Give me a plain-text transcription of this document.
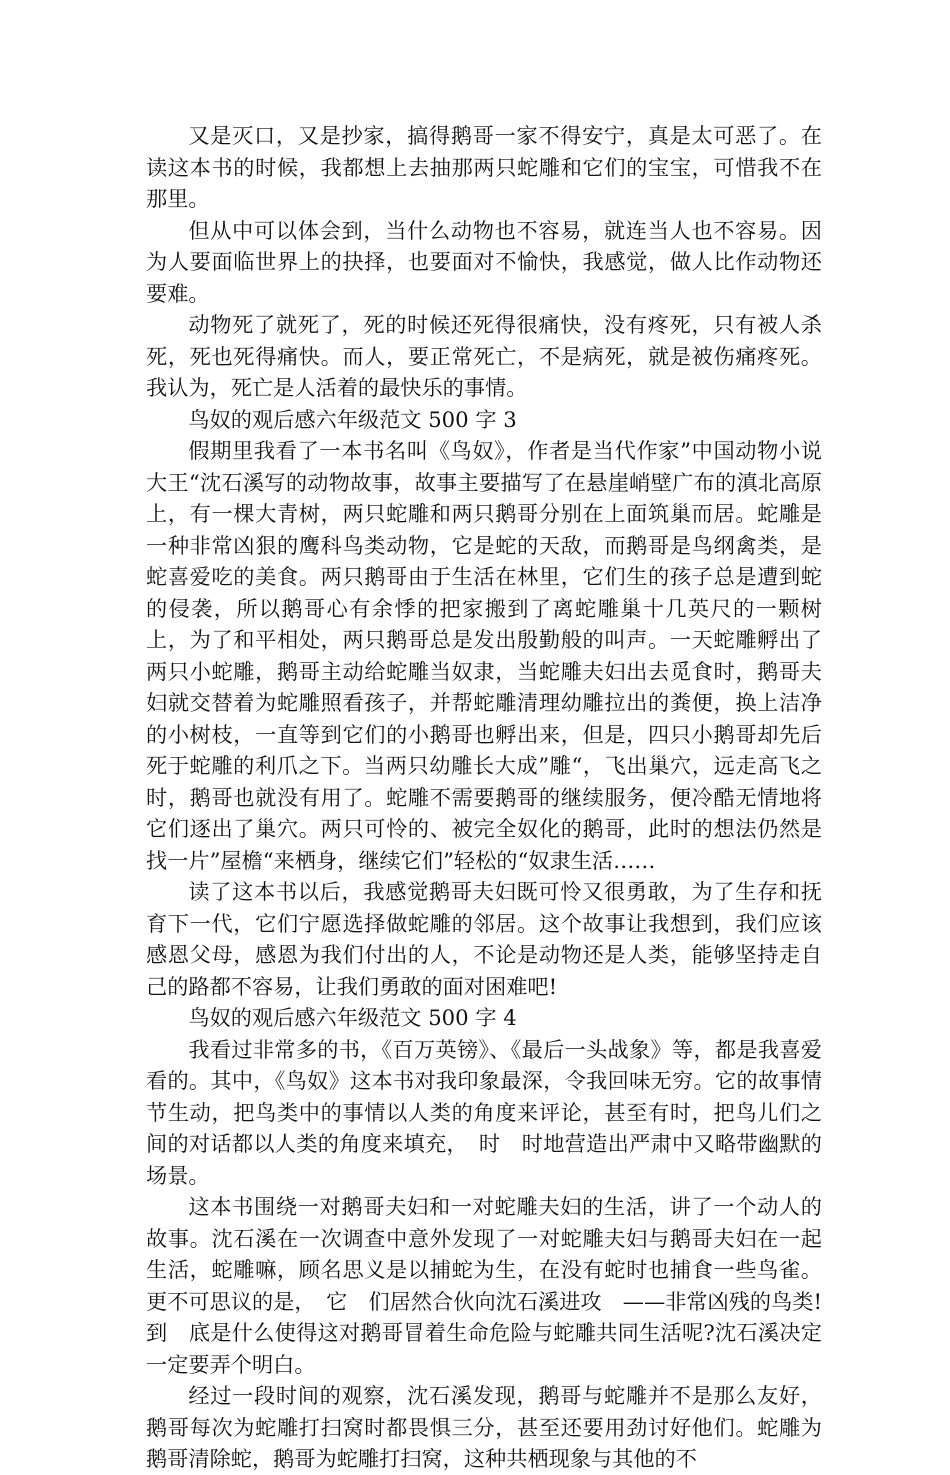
又是灭口，又是抄家，搞得鹅哥一家不得安宁，真是太可恶了。在读这本书的时候，我都想上去抽那两只蛇雕和它们的宝宝，可惜我不在那里。

但从中可以体会到，当什么动物也不容易，就连当人也不容易。因为人要面临世界上的抉择，也要面对不愉快，我感觉，做人比作动物还要难。

动物死了就死了，死的时候还死得很痛快，没有疼死，只有被人杀死，死也死得痛快。而人，要正常死亡，不是病死，就是被伤痛疼死。我认为，死亡是人活着的最快乐的事情。

鸟奴的观后感六年级范文 500 字 3

假期里我看了一本书名叫《鸟奴》，作者是当代作家”中国动物小说大王“沈石溪写的动物故事，故事主要描写了在悬崖峭壁广布的滇北高原上，有一棵大青树，两只蛇雕和两只鹅哥分别在上面筑巢而居。蛇雕是一种非常凶狠的鹰科鸟类动物，它是蛇的天敌，而鹅哥是鸟纲禽类，是蛇喜爱吃的美食。两只鹅哥由于生活在林里，它们生的孩子总是遭到蛇的侵袭，所以鹅哥心有余悸的把家搬到了离蛇雕巢十几英尺的一颗树上，为了和平相处，两只鹅哥总是发出殷勤般的叫声。一天蛇雕孵出了两只小蛇雕，鹅哥主动给蛇雕当奴隶，当蛇雕夫妇出去觅食时，鹅哥夫妇就交替着为蛇雕照看孩子，并帮蛇雕清理幼雕拉出的粪便，换上洁净的小树枝，一直等到它们的小鹅哥也孵出来，但是，四只小鹅哥却先后死于蛇雕的利爪之下。当两只幼雕长大成”雕“，飞出巢穴，远走高飞之时，鹅哥也就没有用了。蛇雕不需要鹅哥的继续服务，便冷酷无情地将它们逐出了巢穴。两只可怜的、被完全奴化的鹅哥，此时的想法仍然是找一片”屋檐“来栖身，继续它们”轻松的“奴隶生活……

读了这本书以后，我感觉鹅哥夫妇既可怜又很勇敢，为了生存和抚育下一代，它们宁愿选择做蛇雕的邻居。这个故事让我想到，我们应该感恩父母，感恩为我们付出的人，不论是动物还是人类，能够坚持走自己的路都不容易，让我们勇敢的面对困难吧!

鸟奴的观后感六年级范文 500 字 4

我看过非常多的书，《百万英镑》、《最后一头战象》等，都是我喜爱看的。其中，《鸟奴》这本书对我印象最深，令我回味无穷。它的故事情节生动，把鸟类中的事情以人类的角度来评论，甚至有时，把鸟儿们之间的对话都以人类的角度来填充，　时　时地营造出严肃中又略带幽默的场景。

这本书围绕一对鹅哥夫妇和一对蛇雕夫妇的生活，讲了一个动人的故事。沈石溪在一次调查中意外发现了一对蛇雕夫妇与鹅哥夫妇在一起生活，蛇雕嘛，顾名思义是以捕蛇为生，在没有蛇时也捕食一些鸟雀。更不可思议的是，　它　们居然合伙向沈石溪进攻　——非常凶残的鸟类!到　底是什么使得这对鹅哥冒着生命危险与蛇雕共同生活呢?沈石溪决定一定要弄个明白。

经过一段时间的观察，沈石溪发现，鹅哥与蛇雕并不是那么友好，鹅哥每次为蛇雕打扫窝时都畏惧三分，甚至还要用劲讨好他们。蛇雕为鹅哥清除蛇，鹅哥为蛇雕打扫窝，这种共栖现象与其他的不
